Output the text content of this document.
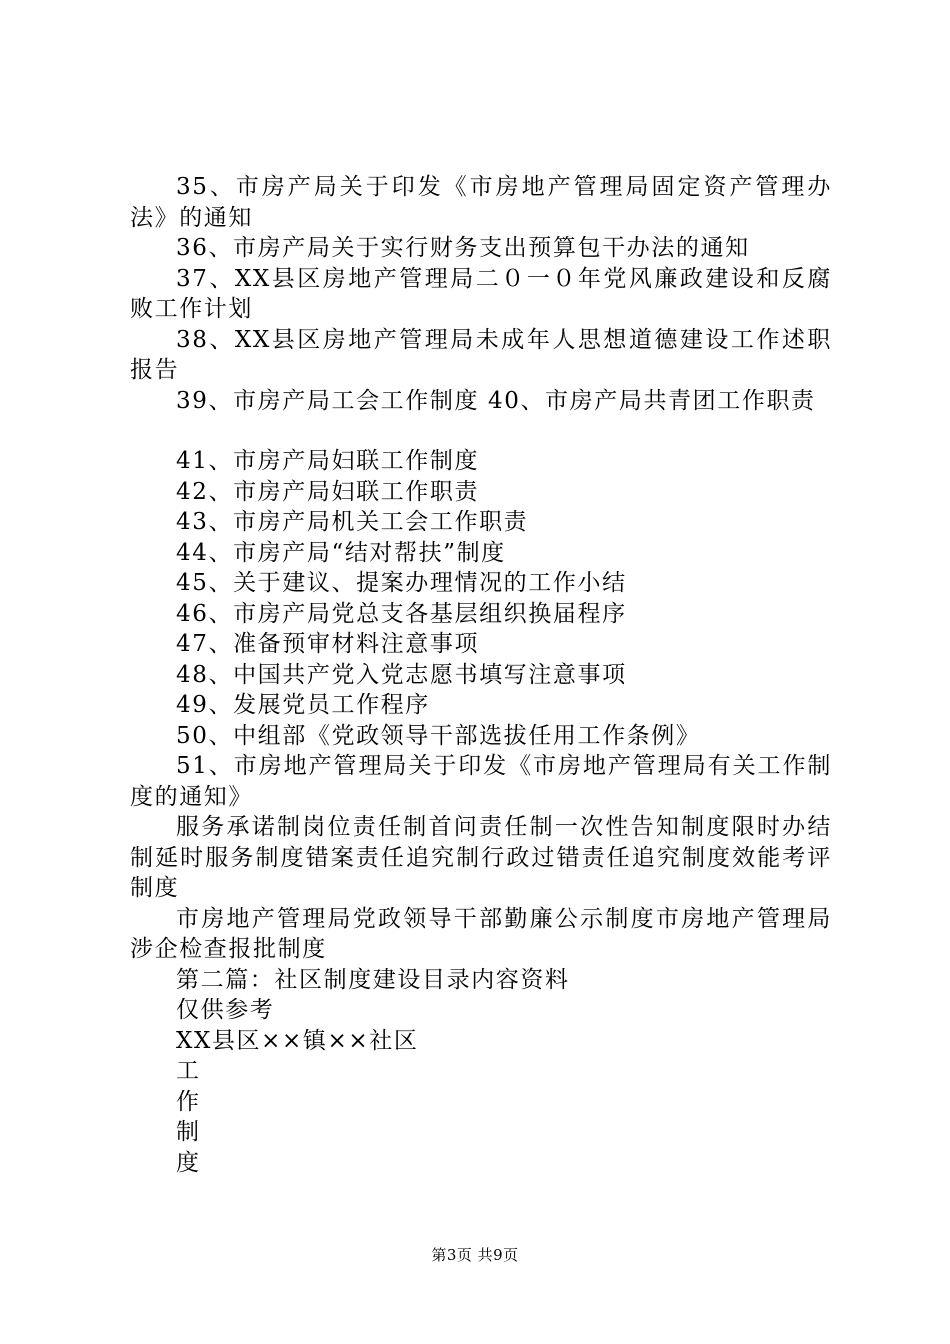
35、市房产局关于印发《市房地产管理局固定资产管理办法》的通知

36、市房产局关于实行财务支出预算包干办法的通知

37、XX县区房地产管理局二０一０年党风廉政建设和反腐败工作计划

38、XX县区房地产管理局未成年人思想道德建设工作述职报告

39、市房产局工会工作制度 40、市房产局共青团工作职责

41、市房产局妇联工作制度

42、市房产局妇联工作职责

43、市房产局机关工会工作职责

44、市房产局“结对帮扶”制度

45、关于建议、提案办理情况的工作小结

46、市房产局党总支各基层组织换届程序

47、准备预审材料注意事项

48、中国共产党入党志愿书填写注意事项

49、发展党员工作程序

50、中组部《党政领导干部选拔任用工作条例》

51、市房地产管理局关于印发《市房地产管理局有关工作制度的通知》

服务承诺制岗位责任制首问责任制一次性告知制度限时办结制延时服务制度错案责任追究制行政过错责任追究制度效能考评制度

市房地产管理局党政领导干部勤廉公示制度市房地产管理局涉企检查报批制度

第二篇：社区制度建设目录内容资料

仅供参考

XX县区××镇××社区

工
作
制
度
第3页 共9页
